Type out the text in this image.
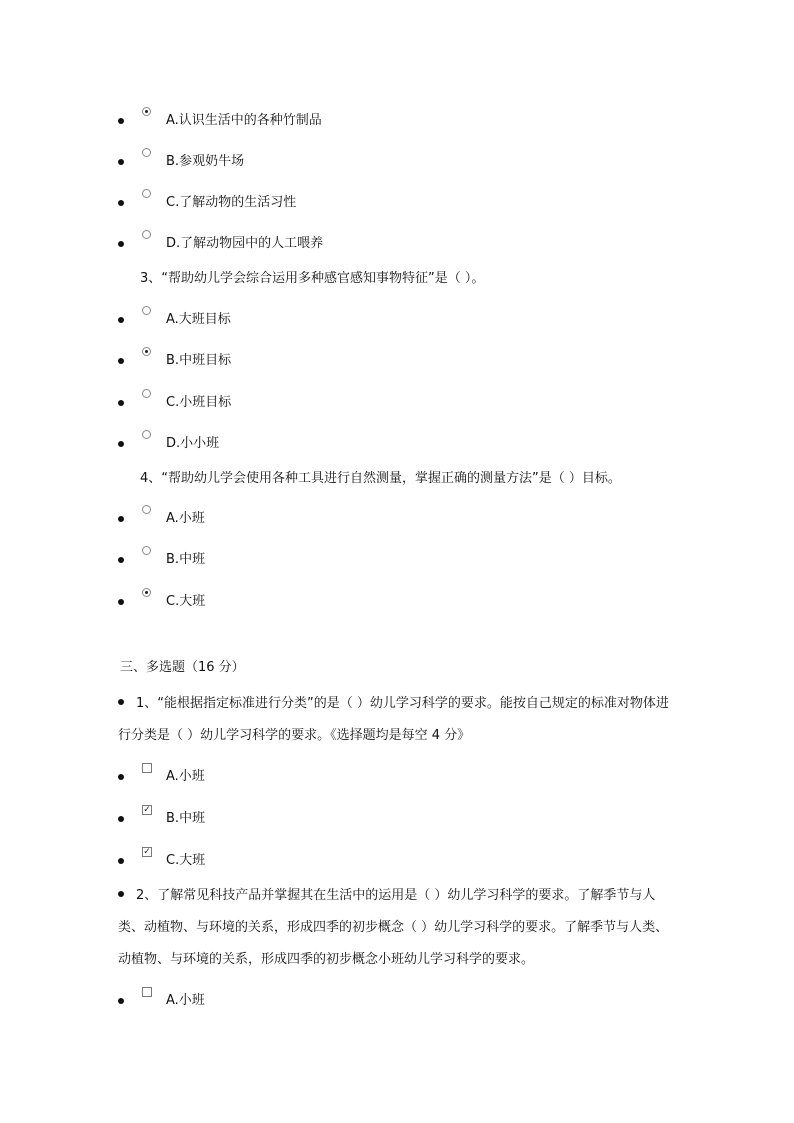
A.认识生活中的各种竹制品
B.参观奶牛场
C.了解动物的生活习性
D.了解动物园中的人工喂养
3、“帮助幼儿学会综合运用多种感官感知事物特征”是（ ）。
A.大班目标
B.中班目标
C.小班目标
D.小小班
4、“帮助幼儿学会使用各种工具进行自然测量，掌握正确的测量方法”是（ ）目标。
A.小班
B.中班
C.大班
三、多选题（16 分）
1、“能根据指定标准进行分类”的是（ ）幼儿学习科学的要求。能按自己规定的标准对物体进行分类是（ ）幼儿学习科学的要求。《选择题均是每空 4 分》
A.小班
✓
B.中班
✓
C.大班
2、了解常见科技产品并掌握其在生活中的运用是（ ）幼儿学习科学的要求。了解季节与人类、动植物、与环境的关系，形成四季的初步概念（ ）幼儿学习科学的要求。了解季节与人类、动植物、与环境的关系，形成四季的初步概念小班幼儿学习科学的要求。
A.小班
